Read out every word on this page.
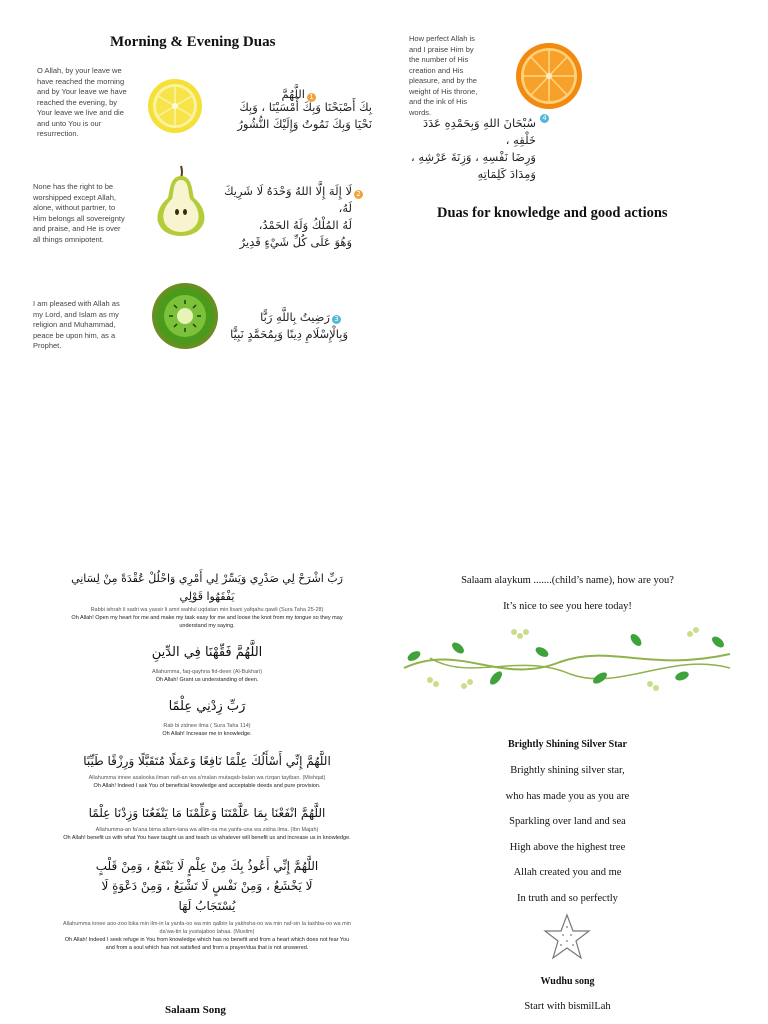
Morning & Evening Duas
O Allah, by your leave we have reached the morning and by Your leave we have reached the evening, by Your leave we live and die and unto You is our resurrection.
1
اللَّهُمَّ
بِكَ أَصْبَحْنَا وَبِكَ أَمْسَيْنَا ، وَبِكَ
نَحْيَا وَبِكَ نَمُوتُ وَإِلَيْكَ النُّشُورُ
None has the right to be worshipped except Allah, alone, without partner, to Him belongs all sovereignty and praise, and He is over all things omnipotent.
2
لَا إِلَهَ إِلَّا اللهُ وَحْدَهُ لَا شَرِيكَ لَهُ،
لَهُ المُلْكُ وَلَهُ الحَمْدُ،
وَهُوَ عَلَى كُلِّ شَيْءٍ قَدِيرٌ
I am pleased with Allah as my Lord, and Islam as my religion and Muhammad, peace be upon him, as a Prophet.
3
رَضِيتُ بِاللَّهِ رَبًّا
وَبِالْإِسْلَامِ دِينًا وَبِمُحَمَّدٍ نَبِيًّا
How perfect Allah is and I praise Him by the number of His creation and His pleasure, and by the weight of His throne, and the ink of His words.
4
سُبْحَانَ اللهِ وَبِحَمْدِهِ عَدَدَ خَلْقِهِ ،
وَرِضَا نَفْسِهِ ، وَزِنَةَ عَرْشِهِ ،
وَمِدَادَ كَلِمَاتِهِ
Duas for knowledge and good actions
رَبِّ اشْرَحْ لِي صَدْرِي وَيَسِّرْ لِي أَمْرِي وَاحْلُلْ عُقْدَةً مِنْ لِسَانِي يَفْقَهُوا قَوْلِي
Rabbi ishrah li sadri wa yassir li amri wahlul uqdatan min lisani yafqahu qawli (Sura Taha 25-28)
Oh Allah! Open my heart for me and make my task easy for me and loose the knot from my tongue so they may understand my saying.
اللَّهُمَّ فَقِّهْنَا فِي الدِّينِ
Allahumma, faq-qayhna fid-deen (Al-Bukhari)
Oh Allah! Grant us understanding of deen.
رَبِّ زِدْنِي عِلْمًا
Rab bi zidnee ilma ( Sura Taha 114)
Oh Allah! Increase me in knowledge.
اللَّهُمَّ إِنِّي أَسْأَلُكَ عِلْمًا نَافِعًا وَعَمَلًا مُتَقَبَّلًا وَرِزْقًا طَيِّبًا
Allahumma innee asalooka ilman nafi-an wa a'malan mutaqab-balan wa rizqan tayiban. (Mishqat)
Oh Allah! Indeed I ask You of beneficial knowledge and acceptable deeds and pure provision.
اللَّهُمَّ انْفَعْنَا بِمَا عَلَّمْتَنَا وَعَلِّمْنَا مَا يَنْفَعُنَا وَزِدْنَا عِلْمًا
Allahumma-an fa'ana bima allam-tana wa allim-na ma yanfa-una wa zidna ilma. (Ibn Majah)
Oh Allah! benefit us with what You have taught us and teach us whatever will benefit us and increase us in knowledge.
اللَّهُمَّ إِنِّي أَعُوذُ بِكَ مِنْ عِلْمٍ لَا يَنْفَعُ ، وَمِنْ قَلْبٍ لَا يَخْشَعُ ، وَمِنْ نَفْسٍ لَا تَشْبَعُ ، وَمِنْ دَعْوَةٍ لَا يُسْتَجَابُ لَهَا
Allahumma innee aoo-zoo bika min ilm-in la yanfa-oo wa min qalbin la yakhsha-oo wa min naf-sin la tashba-oo wa min da'wa-tin la yustajaboo lahaa. (Muslim)
Oh Allah! Indeed I seek refuge in You from knowledge which has no benefit and from a heart which does not fear You and from a soul which has not satisfied and from a prayer/dua that is not answered.
Salaam Song
Salaam alaykum .......(child’s name), how are you?
It’s nice to see you here today!
Brightly Shining Silver Star
Brightly shining silver star,
who has made you as you are
Sparkling over land and sea
High above the highest tree
Allah created you and me
In truth and so perfectly
Wudhu song
Start with bismilLah
